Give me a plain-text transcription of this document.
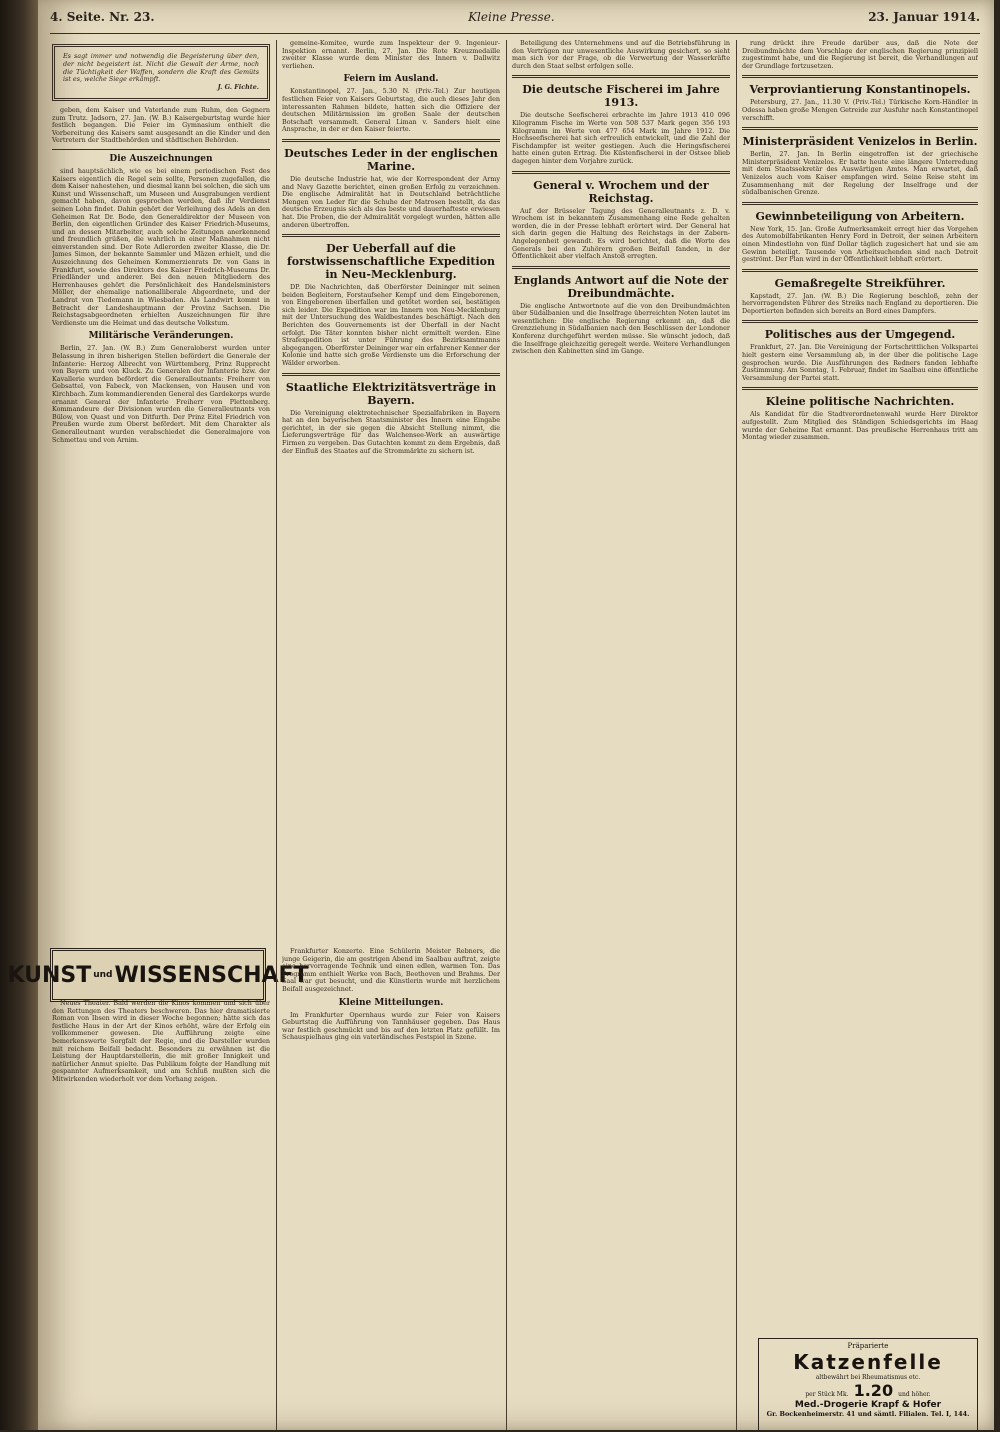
4. Seite. Nr. 23.	Kleine Presse.	23. Januar 1914.
Es sagt immer und notwendig die Begeisterung über den, der nicht begeistert ist. Nicht die Gewalt der Arme, noch die Tüchtigkeit der Waffen, sondern die Kraft des Gemüts ist es, welche Siege erkämpft.
J. G. Fichte.

geben, dem Kaiser und Vaterlande zum Ruhm, den Gegnern zum Trutz. Jadsorn, 27. Jan. (W. B.) Kaisergeburtstag wurde hier festlich begangen. Die Feier im Gymnasium enthielt die Vorbereitung des Kaisers samt ausgesandt an die Kinder und den Vertretern der Stadtbehörden und städtischen Behörden.

Die Auszeichnungen

sind hauptsächlich, wie es bei einem periodischen Fest des Kaisers eigentlich die Regel sein sollte, Personen zugefallen, die dem Kaiser nahestehen, und diesmal kann bei solchen, die sich um Kunst und Wissenschaft, um Museen und Ausgrabungen verdient gemacht haben, davon gesprochen werden, daß ihr Verdienst seinen Lohn findet. Dahin gehört der Verleihung des Adels an den Geheimen Rat Dr. Bode, den Generaldirektor der Museen von Berlin, den eigentlichen Gründer des Kaiser Friedrich-Museums, und an dessen Mitarbeiter, auch solche Zeitungen anerkennend und freundlich grüßen, die wahrlich in einer Maßnahmen nicht einverstanden sind. Der Rote Adlerorden zweiter Klasse, die Dr. James Simon, der bekannte Sammler und Mäzen erhielt, und die Auszeichnung des Geheimen Kommerzienrats Dr. von Gans in Frankfurt, sowie des Direktors des Kaiser Friedrich-Museums Dr. Friedländer und anderer. Bei den neuen Mitgliedern des Herrenhauses gehört die Persönlichkeit des Handelsministers Möller, der ehemalige nationalliberale Abgeordnete, und der Landrat von Tiedemann in Wiesbaden. Als Landwirt kommt in Betracht der Landeshauptmann der Provinz Sachsen. Die Reichstagsabgeordneten erhielten Auszeichnungen für ihre Verdienste um die Heimat und das deutsche Volkstum.

Militärische Veränderungen.

Berlin, 27. Jan. (W. B.) Zum Generaloberst wurden unter Belassung in ihren bisherigen Stellen befördert die Generale der Infanterie: Herzog Albrecht von Württemberg, Prinz Rupprecht von Bayern und von Kluck. Zu Generalen der Infanterie bzw. der Kavallerie wurden befördert die Generalleutnants: Freiherr von Gebsattel, von Fabeck, von Mackensen, von Hausen und von Kirchbach. Zum kommandierenden General des Gardekorps wurde ernannt General der Infanterie Freiherr von Plettenberg. Kommandeure der Divisionen wurden die Generalleutnants von Bülow, von Quast und von Ditfurth. Der Prinz Eitel Friedrich von Preußen wurde zum Oberst befördert. Mit dem Charakter als Generalleutnant wurden verabschiedet die Generalmajore von Schmettau und von Arnim.

KUNST und WISSENSCHAFT

Neues Theater. Bald werden die Kinos kommen und sich über den Rettungen des Theaters beschweren. Das hier dramatisierte Roman von Ibsen wird in dieser Woche begonnen; hätte sich das festliche Haus in der Art der Kinos erhöht, wäre der Erfolg ein vollkommener gewesen. Die Aufführung zeigte eine bemerkenswerte Sorgfalt der Regie, und die Darsteller wurden mit reichem Beifall bedacht. Besonders zu erwähnen ist die Leistung der Hauptdarstellerin, die mit großer Innigkeit und natürlicher Anmut spielte. Das Publikum folgte der Handlung mit gespannter Aufmerksamkeit, und am Schluß mußten sich die Mitwirkenden wiederholt vor dem Vorhang zeigen.

gemeine-Komitee, wurde zum Inspekteur der 9. Ingenieur-Inspektion ernannt. Berlin, 27. Jan. Die Rote Kreuzmedaille zweiter Klasse wurde dem Minister des Innern v. Dallwitz verliehen.

Feiern im Ausland.

Konstantinopel, 27. Jan., 5.30 N. (Priv.-Tel.) Zur heutigen festlichen Feier von Kaisers Geburtstag, die auch dieses Jahr den interessanten Rahmen bildete, hatten sich die Offiziere der deutschen Militärmission im großen Saale der deutschen Botschaft versammelt. General Liman v. Sanders hielt eine Ansprache, in der er den Kaiser feierte.

Deutsches Leder in der englischen Marine.

Die deutsche Industrie hat, wie der Korrespondent der Army and Navy Gazette berichtet, einen großen Erfolg zu verzeichnen. Die englische Admiralität hat in Deutschland beträchtliche Mengen von Leder für die Schuhe der Matrosen bestellt, da das deutsche Erzeugnis sich als das beste und dauerhafteste erwiesen hat. Die Proben, die der Admiralität vorgelegt wurden, hätten alle anderen übertroffen.

Der Ueberfall auf die forstwissenschaftliche Expedition in Neu-Mecklenburg.

DP. Die Nachrichten, daß Oberförster Deininger mit seinen beiden Begleitern, Forstaufseher Kempf und dem Eingeborenen, von Eingeborenen überfallen und getötet worden sei, bestätigen sich leider. Die Expedition war im Innern von Neu-Mecklenburg mit der Untersuchung des Waldbestandes beschäftigt. Nach den Berichten des Gouvernements ist der Überfall in der Nacht erfolgt. Die Täter konnten bisher nicht ermittelt werden. Eine Strafexpedition ist unter Führung des Bezirksamtmanns abgegangen. Oberförster Deininger war ein erfahrener Kenner der Kolonie und hatte sich große Verdienste um die Erforschung der Wälder erworben.

Staatliche Elektrizitätsverträge in Bayern.

Die Vereinigung elektrotechnischer Spezialfabriken in Bayern hat an den bayerischen Staatsminister des Innern eine Eingabe gerichtet, in der sie gegen die Absicht Stellung nimmt, die Lieferungsverträge für das Walchensee-Werk an auswärtige Firmen zu vergeben. Das Gutachten kommt zu dem Ergebnis, daß der Einfluß des Staates auf die Strommärkte zu sichern ist.

Frankfurter Konzerte. Eine Schülerin Meister Rebners, die junge Geigerin, die am gestrigen Abend im Saalbau auftrat, zeigte eine hervorragende Technik und einen edlen, warmen Ton. Das Programm enthielt Werke von Bach, Beethoven und Brahms. Der Saal war gut besucht, und die Künstlerin wurde mit herzlichem Beifall ausgezeichnet.

Kleine Mitteilungen.

Im Frankfurter Opernhaus wurde zur Feier von Kaisers Geburtstag die Aufführung von Tannhäuser gegeben. Das Haus war festlich geschmückt und bis auf den letzten Platz gefüllt. Im Schauspielhaus ging ein vaterländisches Festspiel in Szene.

Beteiligung des Unternehmens und auf die Betriebsführung in den Verträgen nur unwesentliche Auswirkung gesichert, so sieht man sich vor der Frage, ob die Verwertung der Wasserkräfte durch den Staat selbst erfolgen solle.

Die deutsche Fischerei im Jahre 1913.

Die deutsche Seefischerei erbrachte im Jahre 1913 410 096 Kilogramm Fische im Werte von 508 537 Mark gegen 356 193 Kilogramm im Werte von 477 654 Mark im Jahre 1912. Die Hochseefischerei hat sich erfreulich entwickelt, und die Zahl der Fischdampfer ist weiter gestiegen. Auch die Heringsfischerei hatte einen guten Ertrag. Die Küstenfischerei in der Ostsee blieb dagegen hinter dem Vorjahre zurück.

General v. Wrochem und der Reichstag.

Auf der Brüsseler Tagung des Generalleutnants z. D. v. Wrochem ist in bekanntem Zusammenhang eine Rede gehalten worden, die in der Presse lebhaft erörtert wird. Der General hat sich darin gegen die Haltung des Reichstags in der Zabern-Angelegenheit gewandt. Es wird berichtet, daß die Worte des Generals bei den Zuhörern großen Beifall fanden, in der Öffentlichkeit aber vielfach Anstoß erregten.

Englands Antwort auf die Note der Dreibundmächte.

Die englische Antwortnote auf die von den Dreibundmächten über Südalbanien und die Inselfrage überreichten Noten lautet im wesentlichen: Die englische Regierung erkennt an, daß die Grenzziehung in Südalbanien nach den Beschlüssen der Londoner Konferenz durchgeführt werden müsse. Sie wünscht jedoch, daß die Inselfrage gleichzeitig geregelt werde. Weitere Verhandlungen zwischen den Kabinetten sind im Gange.

rung drückt ihre Freude darüber aus, daß die Note der Dreibundmächte dem Vorschlage der englischen Regierung prinzipiell zugestimmt habe, und die Regierung ist bereit, die Verhandlungen auf der Grundlage fortzusetzen.

Verproviantierung Konstantinopels.

Petersburg, 27. Jan., 11.30 V. (Priv.-Tel.) Türkische Korn-Händler in Odessa haben große Mengen Getreide zur Ausfuhr nach Konstantinopel verschifft.

Ministerpräsident Venizelos in Berlin.

Berlin, 27. Jan. In Berlin eingetroffen ist der griechische Ministerpräsident Venizelos. Er hatte heute eine längere Unterredung mit dem Staatssekretär des Auswärtigen Amtes. Man erwartet, daß Venizelos auch vom Kaiser empfangen wird. Seine Reise steht im Zusammenhang mit der Regelung der Inselfrage und der südalbanischen Grenze.

Gewinnbeteiligung von Arbeitern.

New York, 15. Jan. Große Aufmerksamkeit erregt hier das Vorgehen des Automobilfabrikanten Henry Ford in Detroit, der seinen Arbeitern einen Mindestlohn von fünf Dollar täglich zugesichert hat und sie am Gewinn beteiligt. Tausende von Arbeitsuchenden sind nach Detroit geströmt. Der Plan wird in der Öffentlichkeit lebhaft erörtert.

Gemaßregelte Streikführer.

Kapstadt, 27. Jan. (W. B.) Die Regierung beschloß, zehn der hervorragendsten Führer des Streiks nach England zu deportieren. Die Deportierten befinden sich bereits an Bord eines Dampfers.

Politisches aus der Umgegend.

Frankfurt, 27. Jan. Die Vereinigung der Fortschrittlichen Volkspartei hielt gestern eine Versammlung ab, in der über die politische Lage gesprochen wurde. Die Ausführungen des Redners fanden lebhafte Zustimmung. Am Sonntag, 1. Februar, findet im Saalbau eine öffentliche Versammlung der Partei statt.

Kleine politische Nachrichten.

Als Kandidat für die Stadtverordnetenwahl wurde Herr Direktor aufgestellt. Zum Mitglied des Ständigen Schiedsgerichts im Haag wurde der Geheime Rat ernannt. Das preußische Herrenhaus tritt am Montag wieder zusammen.

Präparierte
Katzenfelle
altbewährt bei Rheumatismus etc.
per Stück Mk. 1.20 und höher.
Med.-Drogerie Krapf & Hofer
Gr. Bockenheimerstr. 41 und sämtl. Filialen. Tel. I, 144.
